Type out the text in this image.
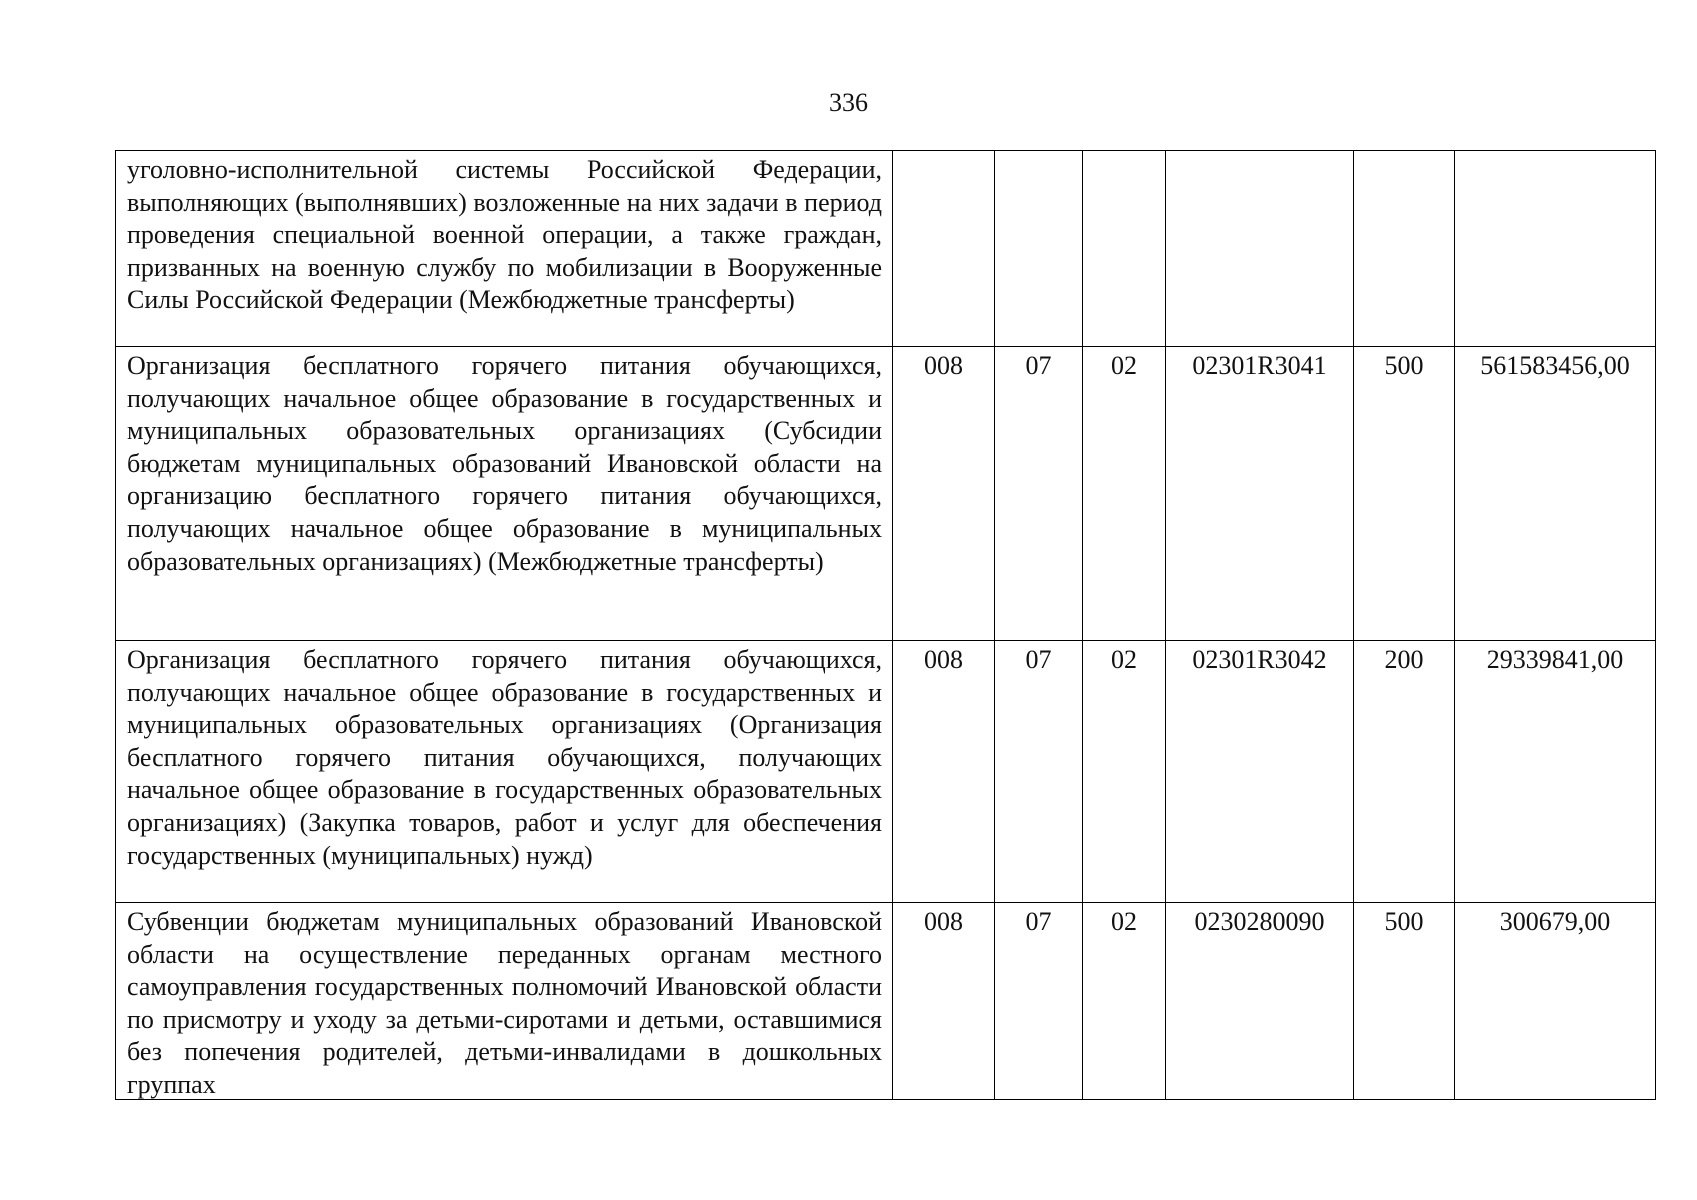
336
уголовно-исполнительной системы Российской Федерации, выполняющих (выполнявших) возложенные на них задачи в период проведения специальной военной операции, а также граждан, призванных на военную службу по мобилизации в Вооруженные Силы Российской Федерации (Межбюджетные трансферты)						
Организация бесплатного горячего питания обучающихся, получающих начальное общее образование в государственных и муниципальных образовательных организациях (Субсидии бюджетам муниципальных образований Ивановской области на организацию бесплатного горячего питания обучающихся, получающих начальное общее образование в муниципальных образовательных организациях) (Межбюджетные трансферты)	008	07	02	02301R3041	500	561583456,00
Организация бесплатного горячего питания обучающихся, получающих начальное общее образование в государственных и муниципальных образовательных организациях (Организация бесплатного горячего питания обучающихся, получающих начальное общее образование в государственных образовательных организациях) (Закупка товаров, работ и услуг для обеспечения государственных (муниципальных) нужд)	008	07	02	02301R3042	200	29339841,00

Субвенции бюджетам муниципальных образований Ивановской области на осуществление переданных органам местного самоуправления государственных полномочий Ивановской области по присмотру и уходу за детьми-сиротами и детьми, оставшимися без попечения родителей, детьми-инвалидами в дошкольных группах	008	07	02	0230280090	500	300679,00
